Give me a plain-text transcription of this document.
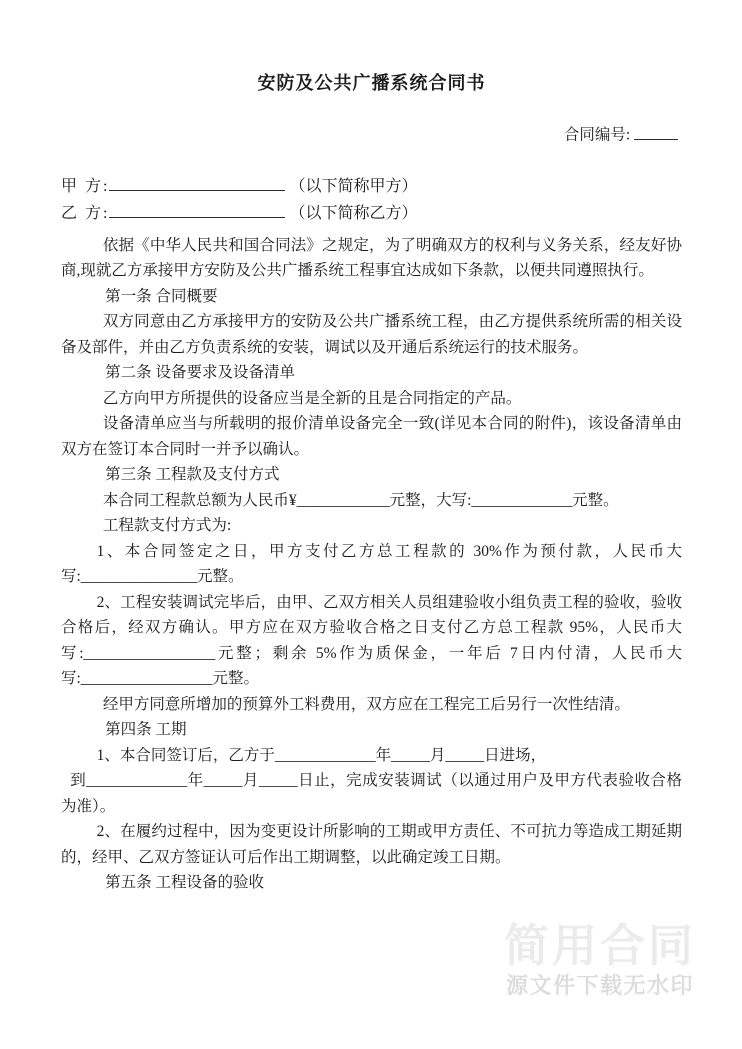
安防及公共广播系统合同书
合同编号:
甲 方:	（以下简称甲方）
乙 方:	（以下简称乙方）

依据《中华人民共和国合同法》之规定，为了明确双方的权利与义务关系，经友好协商,现就乙方承接甲方安防及公共广播系统工程事宜达成如下条款，以便共同遵照执行。

第一条 合同概要

双方同意由乙方承接甲方的安防及公共广播系统工程，由乙方提供系统所需的相关设备及部件，并由乙方负责系统的安装，调试以及开通后系统运行的技术服务。

第二条 设备要求及设备清单

乙方向甲方所提供的设备应当是全新的且是合同指定的产品。

设备清单应当与所载明的报价清单设备完全一致(详见本合同的附件)，该设备清单由双方在签订本合同时一并予以确认。

第三条 工程款及支付方式

本合同工程款总额为人民币¥____________元整，大写:_____________元整。

工程款支付方式为:

1、本合同签定之日，甲方支付乙方总工程款的 30%作为预付款，人民币大写:_______________元整。

2、工程安装调试完毕后，由甲、乙双方相关人员组建验收小组负责工程的验收，验收合格后，经双方确认。甲方应在双方验收合格之日支付乙方总工程款 95%，人民币大写:_________________元整；剩余 5%作为质保金，一年后 7日内付清，人民币大写:_________________元整。

经甲方同意所增加的预算外工料费用，双方应在工程完工后另行一次性结清。

第四条 工期

1、本合同签订后，乙方于_____________年_____月_____日进场，

到_____________年_____月_____日止，完成安装调试（以通过用户及甲方代表验收合格为准）。

2、在履约过程中，因为变更设计所影响的工期或甲方责任、不可抗力等造成工期延期的，经甲、乙双方签证认可后作出工期调整，以此确定竣工日期。

第五条 工程设备的验收

简用合同
源文件下载无水印
